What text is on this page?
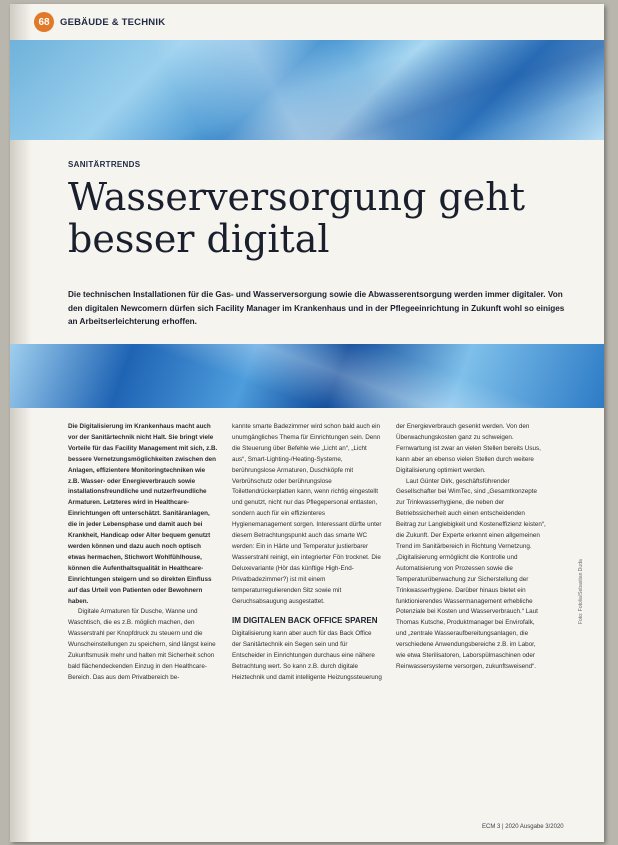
68	GEBÄUDE & TECHNIK
SANITÄRTRENDS
Wasserversorgung geht besser digital
Die technischen Installationen für die Gas- und Wasserversorgung sowie die Abwasserentsorgung werden immer digitaler. Von den digitalen Newcomern dürfen sich Facility Manager im Krankenhaus und in der Pflegeeinrichtung in Zukunft wohl so einiges an Arbeitserleichterung erhoffen.

Die Digitalisierung im Krankenhaus macht auch vor der Sanitärtechnik nicht Halt. Sie bringt viele Vorteile für das Facility Management mit sich, z.B. bessere Vernetzungsmöglichkeiten zwischen den Anlagen, effizientere Monitoringtechniken wie z.B. Wasser- oder Energieverbrauch sowie installationsfreundliche und nutzerfreundliche Armaturen. Letzteres wird in Healthcare-Einrichtungen oft unterschätzt. Sanitäranlagen, die in jeder Lebensphase und damit auch bei Krankheit, Handicap oder Alter bequem genutzt werden können und dazu auch noch optisch etwas hermachen, Stichwort Wohlfühlhouse, können die Aufenthaltsqualität in Healthcare-Einrichtungen steigern und so direkten Einfluss auf das Urteil von Patienten oder Bewohnern haben.

Digitale Armaturen für Dusche, Wanne und Waschtisch, die es z.B. möglich machen, den Wasserstrahl per Knopfdruck zu steuern und die Wunscheinstellungen zu speichern, sind längst keine Zukunftsmusik mehr und halten mit Sicherheit schon bald flächendeckenden Einzug in den Healthcare-Bereich. Das aus dem Privatbereich be-

kannte smarte Badezimmer wird schon bald auch ein unumgängliches Thema für Einrichtungen sein. Denn die Steuerung über Befehle wie „Licht an“, „Licht aus“, Smart-Lighting-/Heating-Systeme, berührungslose Armaturen, Duschköpfe mit Verbrühschutz oder berührungslose Toilettendrückerplatten kann, wenn richtig eingestellt und genutzt, nicht nur das Pflegepersonal entlasten, sondern auch für ein effizienteres Hygienemanagement sorgen. Interessant dürfte unter diesem Betrachtungspunkt auch das smarte WC werden: Ein in Härte und Temperatur justierbarer Wasserstrahl reinigt, ein integrierter Fön trocknet. Die Deluxevariante (Hör das künftige High-End-Privatbadezimmer?) ist mit einem temperaturregulierenden Sitz sowie mit Geruchsabsaugung ausgestattet.

IM DIGITALEN BACK OFFICE SPAREN

Digitalisierung kann aber auch für das Back Office der Sanitärtechnik ein Segen sein und für Entscheider in Einrichtungen durchaus eine nähere Betrachtung wert. So kann z.B. durch digitale Heiztechnik und damit intelligente Heizungssteuerung

der Energieverbrauch gesenkt werden. Von den Überwachungskosten ganz zu schweigen. Fernwartung ist zwar an vielen Stellen bereits Usus, kann aber an ebenso vielen Stellen durch weitere Digitalisierung optimiert werden.

Laut Günter Dirk, geschäftsführender Gesellschafter bei WimTec, sind „Gesamtkonzepte zur Trinkwasserhygiene, die neben der Betriebssicherheit auch einen entscheidenden Beitrag zur Langlebigkeit und Kosteneffizienz leisten“, die Zukunft. Der Experte erkennt einen allgemeinen Trend im Sanitärbereich in Richtung Vernetzung. „Digitalisierung ermöglicht die Kontrolle und Automatisierung von Prozessen sowie die Temperaturüberwachung zur Sicherstellung der Trinkwasserhygiene. Darüber hinaus bietet ein funktionierendes Wassermanagement erhebliche Potenziale bei Kosten und Wasserverbrauch.“ Laut Thomas Kutsche, Produktmanager bei Envirofalk, und „zentrale Wasseraufbereitungsanlagen, die verschiedene Anwendungsbereiche z.B. im Labor, wie etwa Sterilisatoren, Laborspülmaschinen oder Reinwassersysteme versorgen, zukunftsweisend“.

Foto: Fotolia/Sebastian Duda
ECM 3 | 2020 Ausgabe 3/2020
